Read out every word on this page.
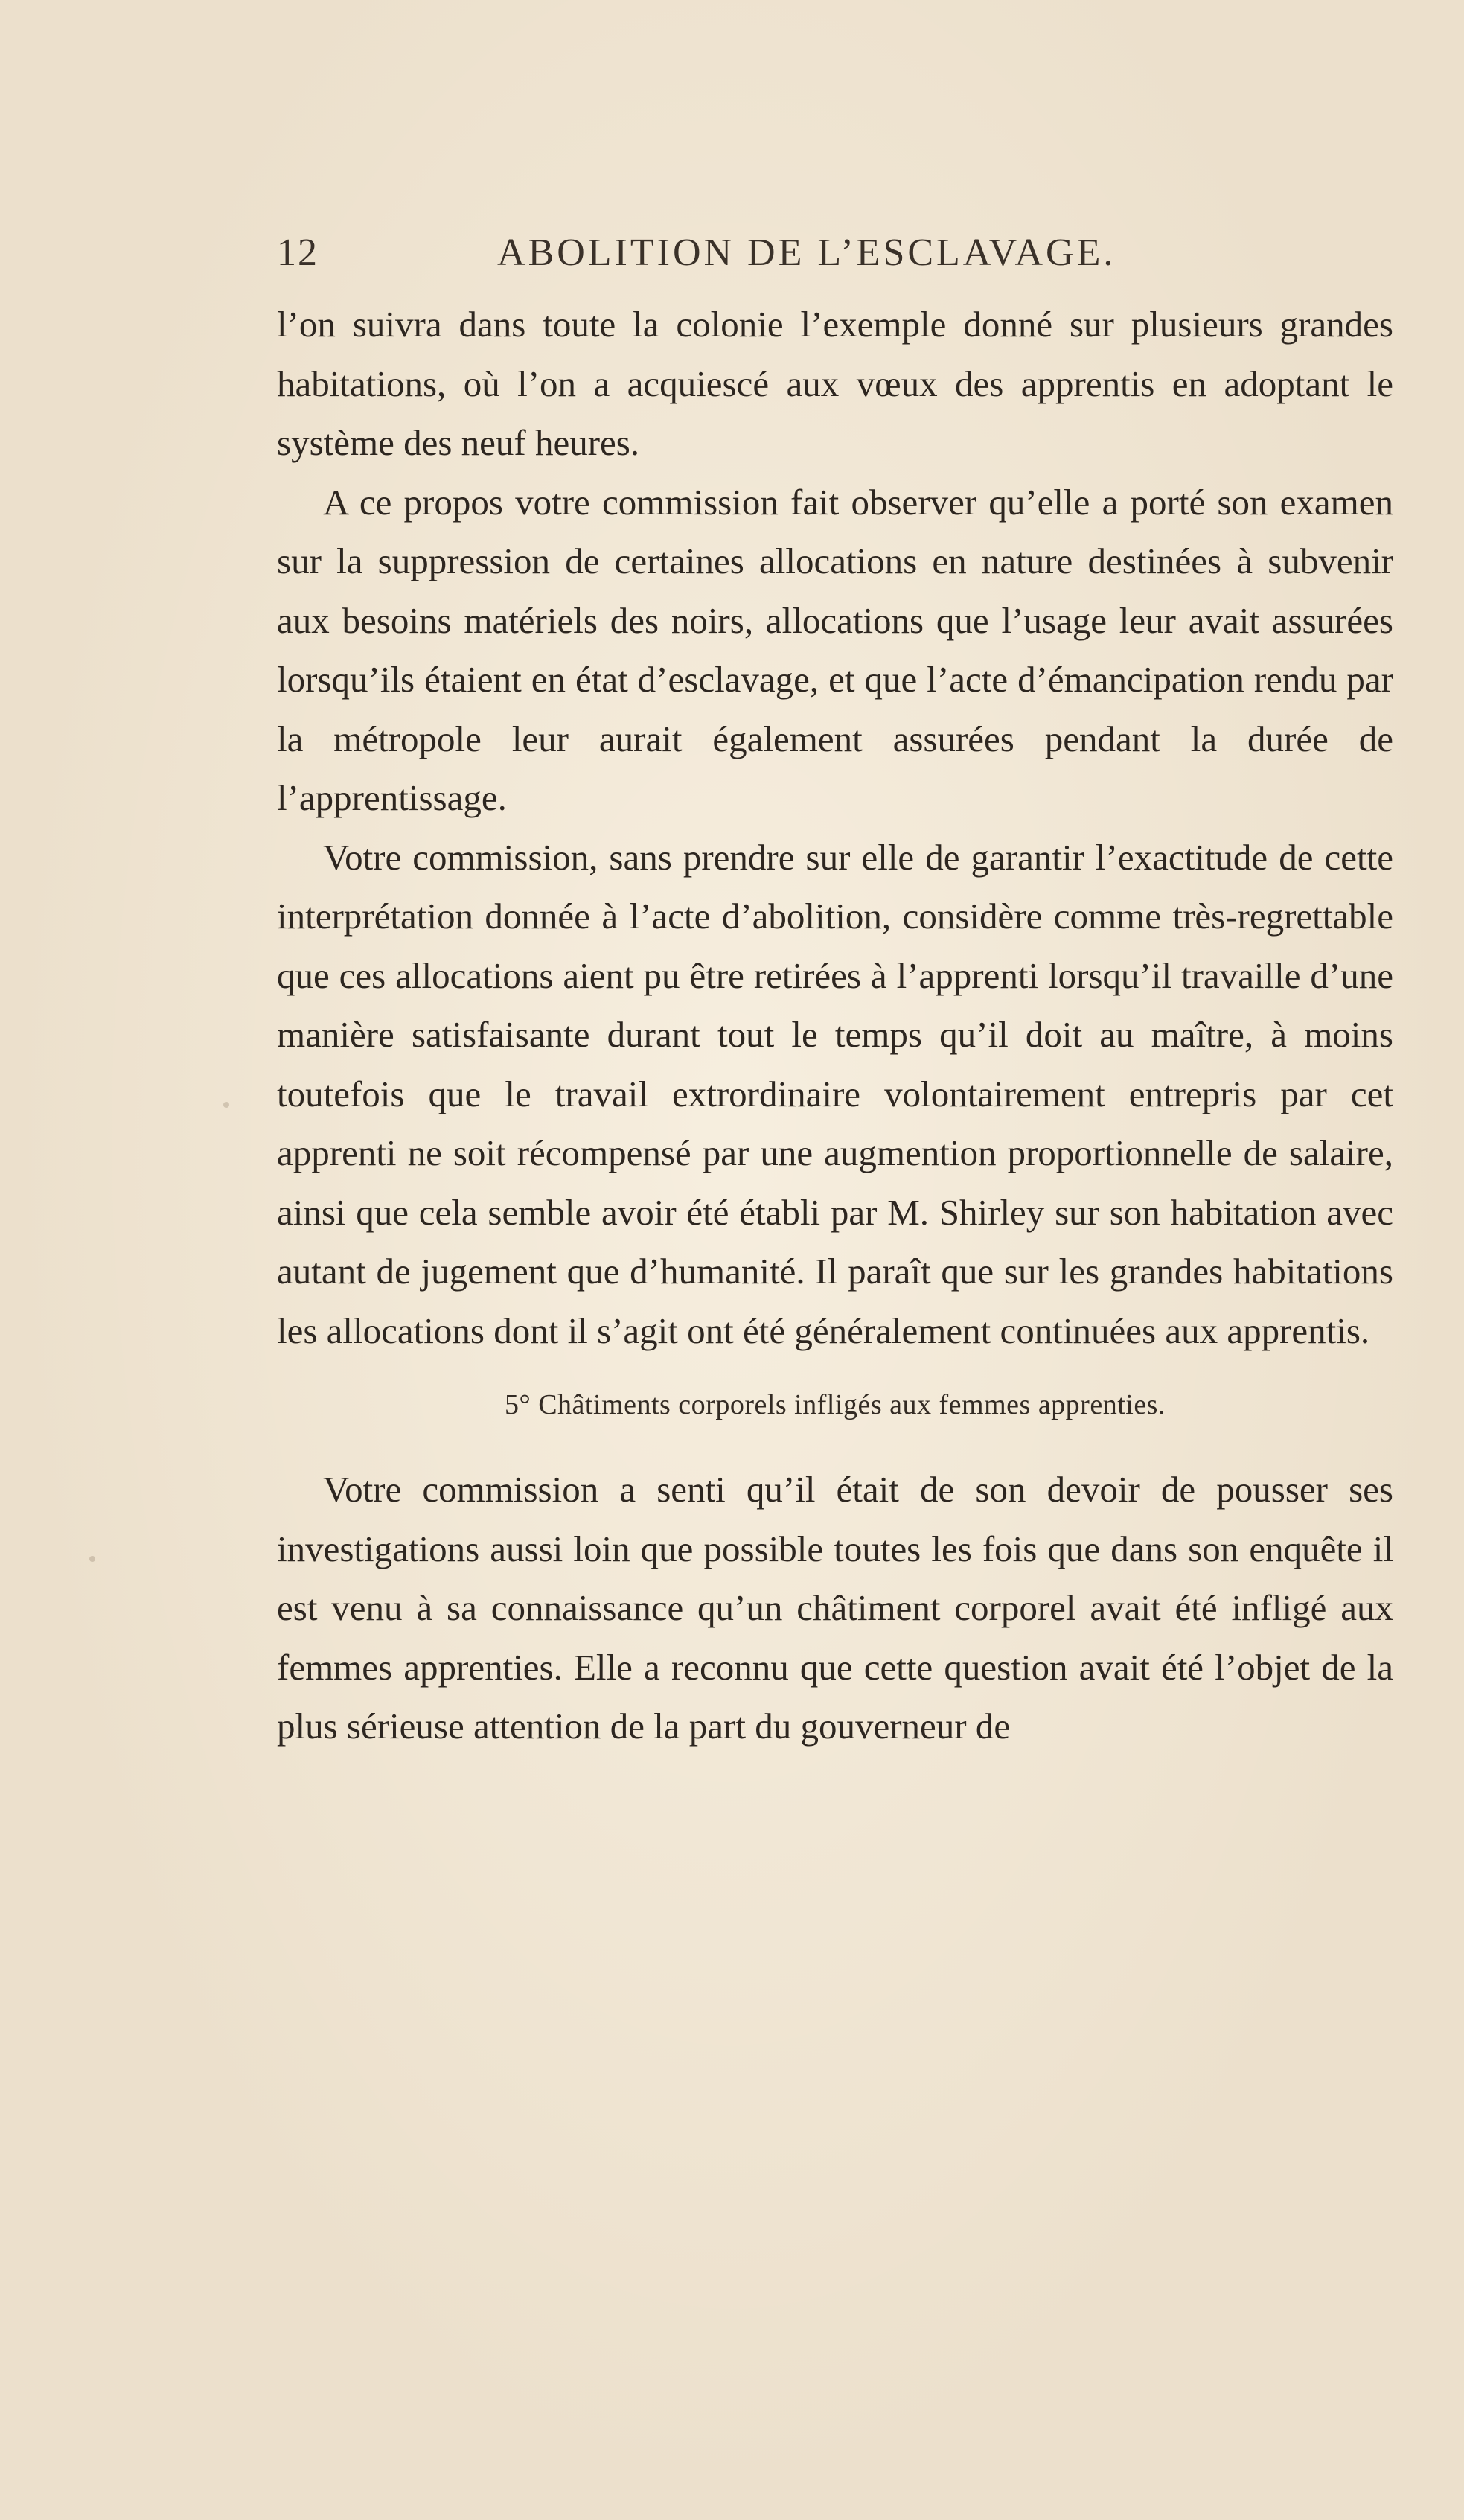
12	ABOLITION DE L’ESCLAVAGE.

l’on suivra dans toute la colonie l’exemple donné sur plusieurs grandes habitations, où l’on a acquiescé aux vœux des apprentis en adoptant le système des neuf heures.

A ce propos votre commission fait observer qu’elle a porté son examen sur la suppression de certaines allocations en nature destinées à subvenir aux besoins matériels des noirs, allocations que l’usage leur avait assurées lorsqu’ils étaient en état d’esclavage, et que l’acte d’émancipation rendu par la métropole leur aurait également assurées pendant la durée de l’apprentissage.

Votre commission, sans prendre sur elle de garantir l’exactitude de cette interprétation donnée à l’acte d’abolition, considère comme très-regrettable que ces allocations aient pu être retirées à l’apprenti lorsqu’il travaille d’une manière satisfaisante durant tout le temps qu’il doit au maître, à moins toutefois que le travail extrordinaire volontairement entrepris par cet apprenti ne soit récompensé par une augmention proportionnelle de salaire, ainsi que cela semble avoir été établi par M. Shirley sur son habitation avec autant de jugement que d’humanité. Il paraît que sur les grandes habitations les allocations dont il s’agit ont été généralement continuées aux apprentis.

5° Châtiments corporels infligés aux femmes apprenties.

Votre commission a senti qu’il était de son devoir de pousser ses investigations aussi loin que possible toutes les fois que dans son enquête il est venu à sa connaissance qu’un châtiment corporel avait été infligé aux femmes apprenties. Elle a reconnu que cette question avait été l’objet de la plus sérieuse attention de la part du gouverneur de
